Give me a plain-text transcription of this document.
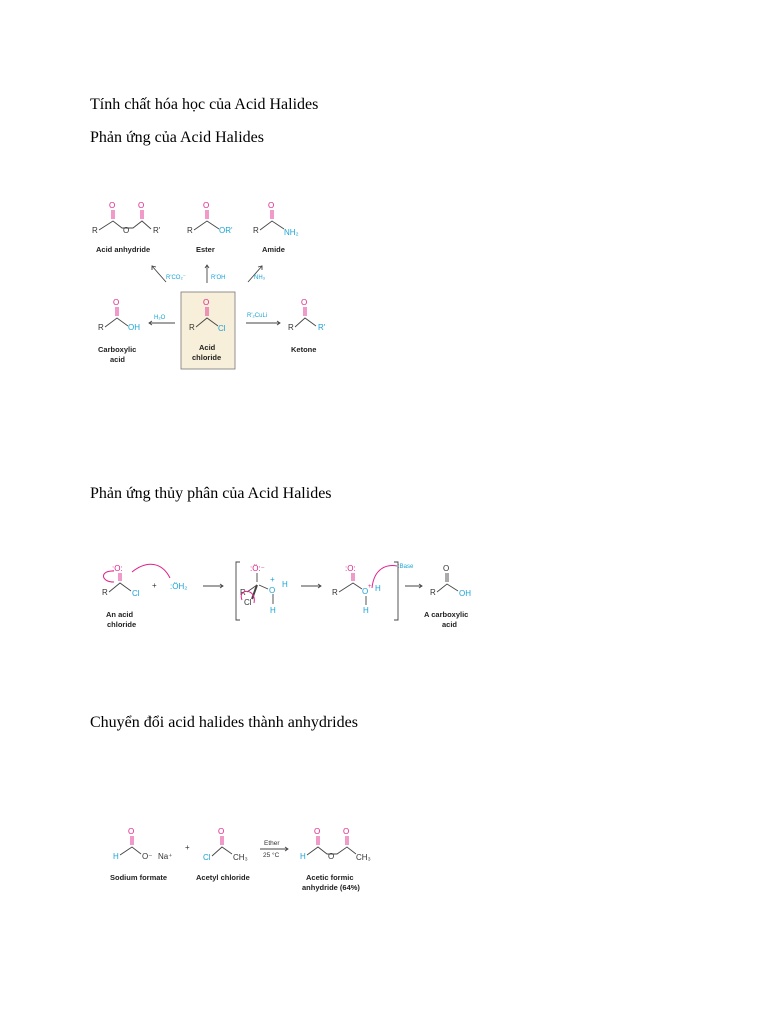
Tính chất hóa học của Acid Halides
Phản ứng của Acid Halides
O	O
R	O	R'
Acid anhydride
O
R	OR'
Ester
O
R	NH₂
Amide
R'CO₂⁻	R'OH	NH₃
O
R	OH
Carboxylic
acid
H₂O
O
R	Cl
Acid
chloride
R'₂CuLi
O
R	R'
Ketone
Phản ứng thủy phân của Acid Halides
:O:
R	Cl
An acid
chloride
+ :ÖH₂
:Ö:⁻
R
Cl
O
+
H
H
:O:
R	O + H
H
:Base	O
R	OH
A carboxylic
acid
Chuyển đổi acid halides thành anhydrides
O
H	O⁻ Na⁺
Sodium formate
+
O
Cl	CH₃
Acetyl chloride
Ether
25 °C
O	O
H	O	CH₃
Acetic formic
anhydride (64%)
